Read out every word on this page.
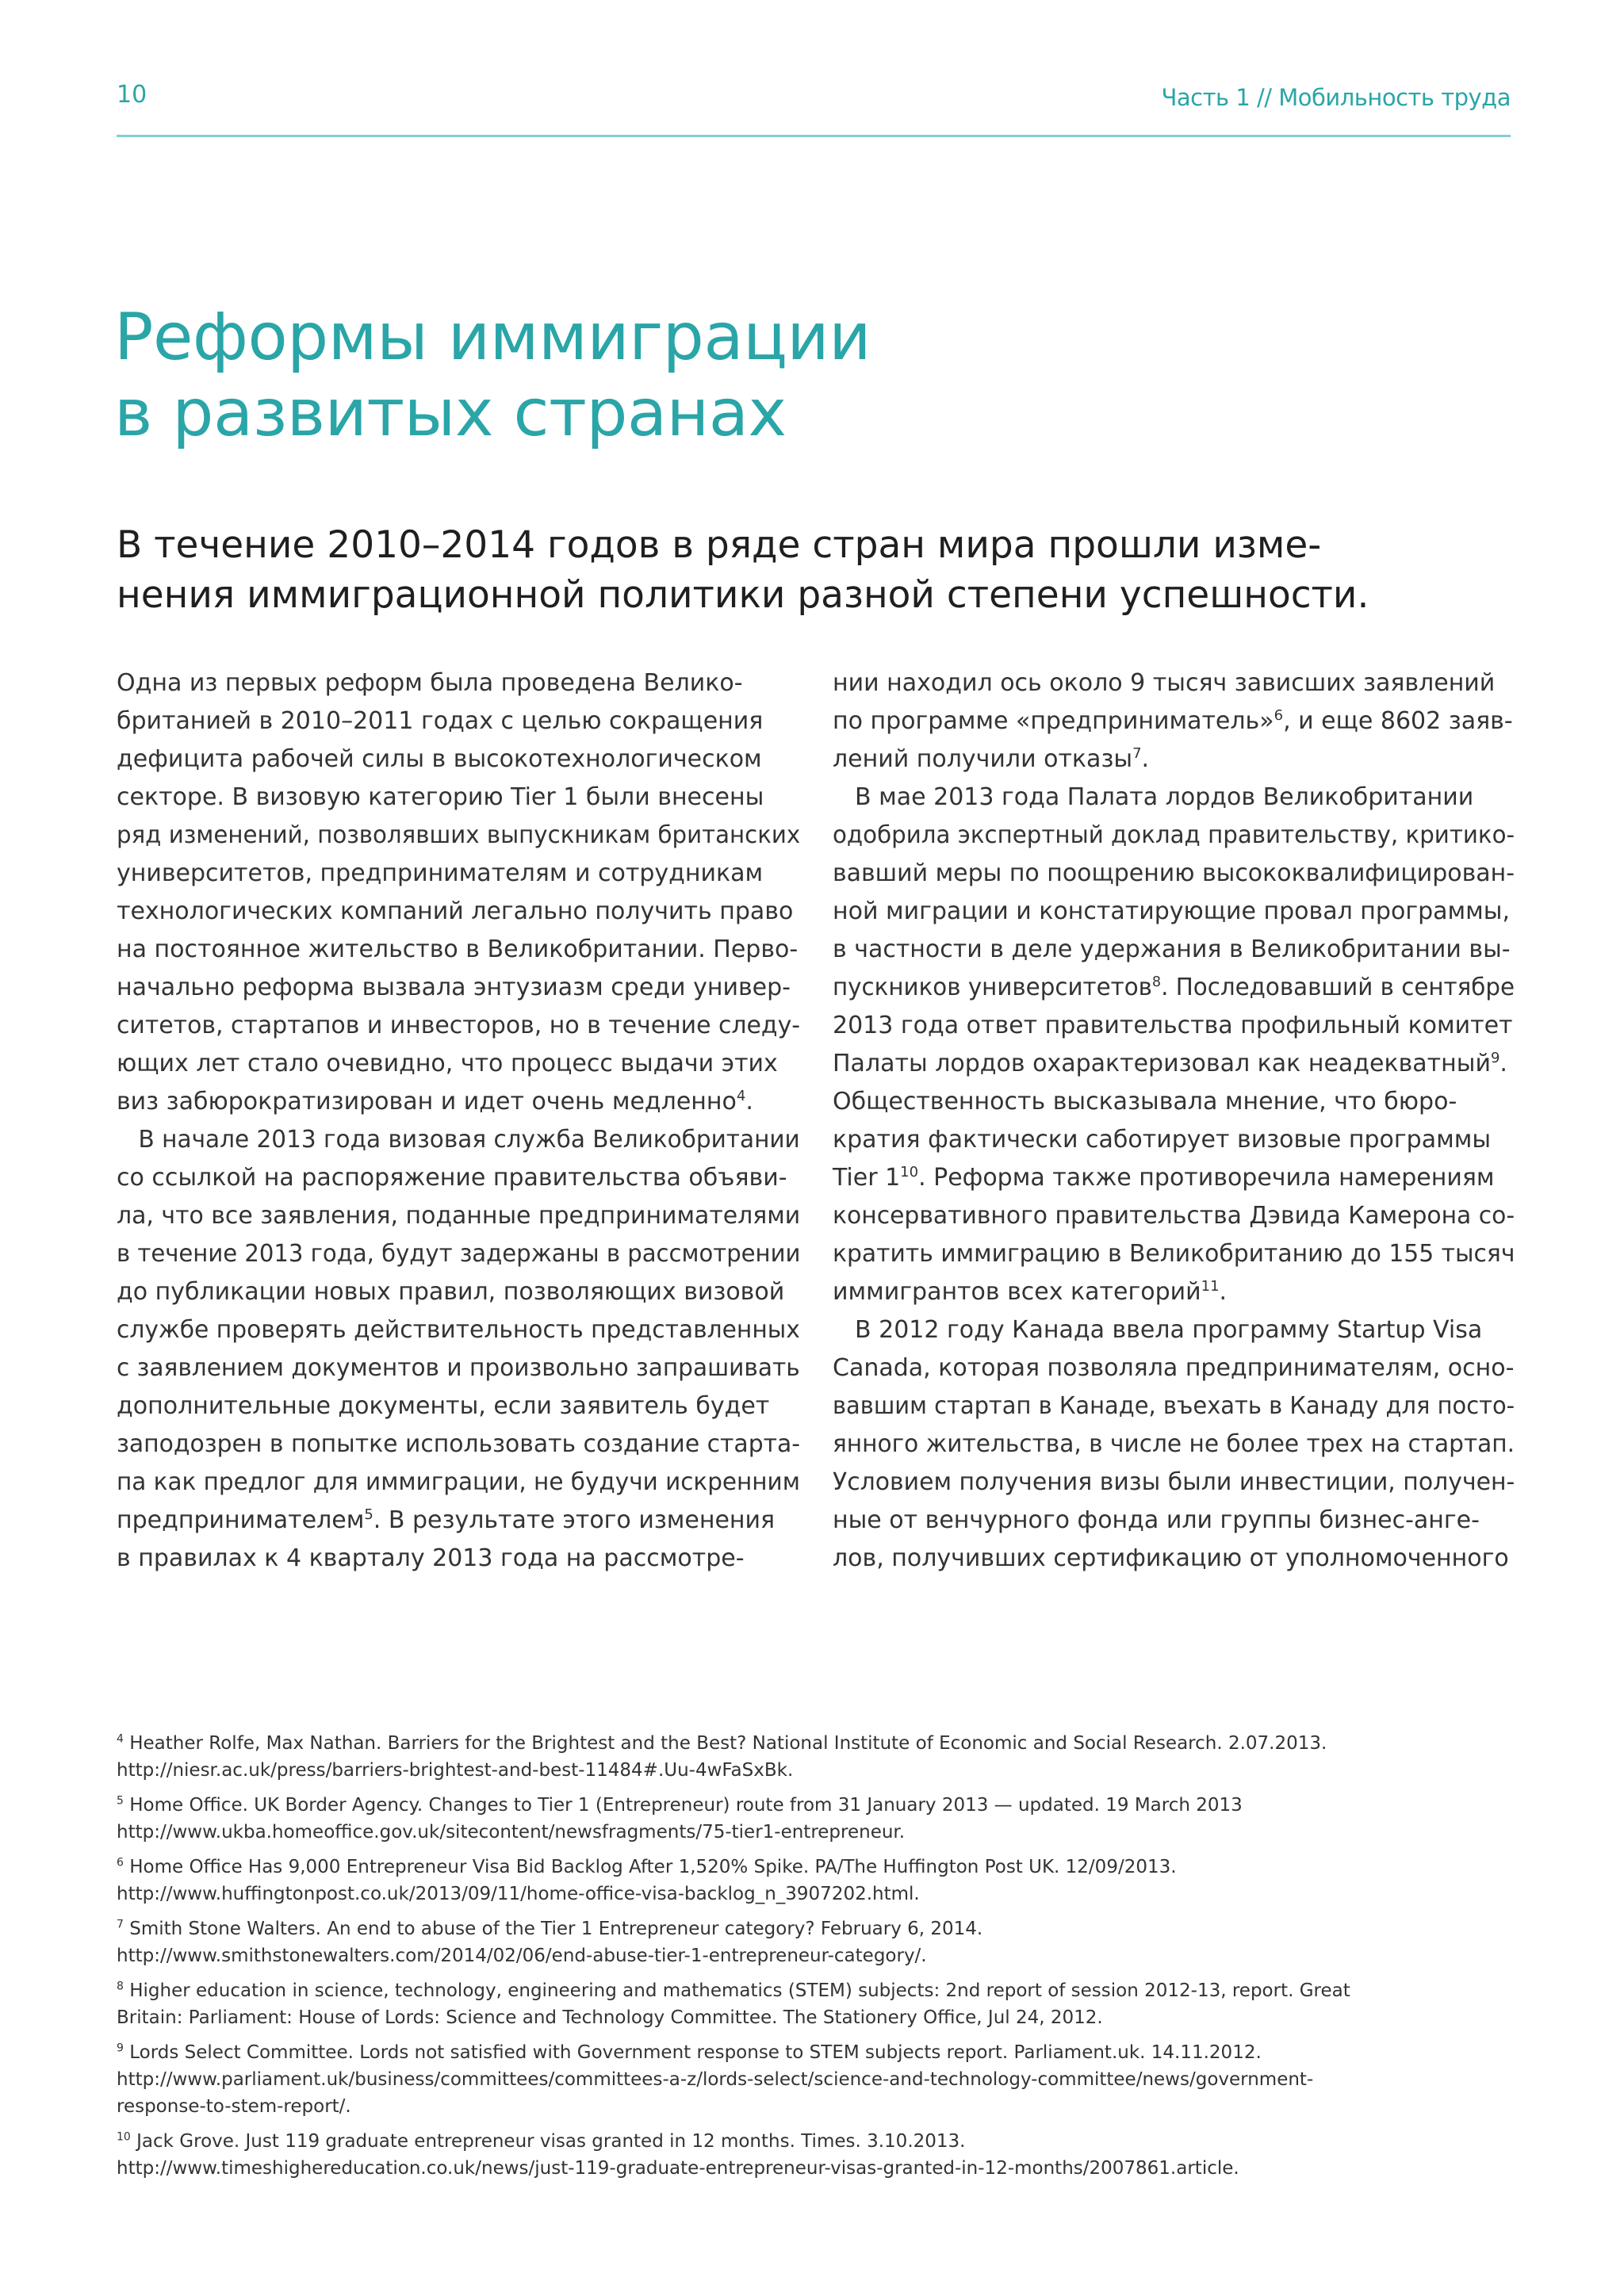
10	Часть 1 // Мобильность труда
Реформы иммиграции
в развитых странах
В течение 2010–2014 годов в ряде стран мира прошли изме-
нения иммиграционной политики разной степени успешности.
Одна из первых реформ была проведена Велико-
британией в 2010–2011 годах с целью сокращения
дефицита рабочей силы в высокотехнологическом
секторе. В визовую категорию Tier 1 были внесены
ряд изменений, позволявших выпускникам британских
университетов, предпринимателям и сотрудникам
технологических компаний легально получить право
на постоянное жительство в Великобритании. Перво-
начально реформа вызвала энтузиазм среди универ-
ситетов, стартапов и инвесторов, но в течение следу-
ющих лет стало очевидно, что процесс выдачи этих
виз забюрократизирован и идет очень медленно$^4$.
В начале 2013 года визовая служба Великобритании
со ссылкой на распоряжение правительства объяви-
ла, что все заявления, поданные предпринимателями
в течение 2013 года, будут задержаны в рассмотрении
до публикации новых правил, позволяющих визовой
службе проверять действительность представленных
с заявлением документов и произвольно запрашивать
дополнительные документы, если заявитель будет
заподозрен в попытке использовать создание старта-
па как предлог для иммиграции, не будучи искренним
предпринимателем$^5$. В результате этого изменения
в правилах к 4 кварталу 2013 года на рассмотре-
нии находил ось около 9 тысяч зависших заявлений
по программе «предприниматель»$^6$, и еще 8602 заяв-
лений получили отказы$^7$.
В мае 2013 года Палата лордов Великобритании
одобрила экспертный доклад правительству, критико-
вавший меры по поощрению высококвалифицирован-
ной миграции и констатирующие провал программы,
в частности в деле удержания в Великобритании вы-
пускников университетов$^8$. Последовавший в сентябре
2013 года ответ правительства профильный комитет
Палаты лордов охарактеризовал как неадекватный$^9$.
Общественность высказывала мнение, что бюро-
кратия фактически саботирует визовые программы
Tier $1^{10}$. Реформа также противоречила намерениям
консервативного правительства Дэвида Камерона со-
кратить иммиграцию в Великобританию до 155 тысяч
иммигрантов всех категорий$^{11}$.
В 2012 году Канада ввела программу Startup Visa
Canada, которая позволяла предпринимателям, осно-
вавшим стартап в Канаде, въехать в Канаду для посто-
янного жительства, в числе не более трех на стартап.
Условием получения визы были инвестиции, получен-
ные от венчурного фонда или группы бизнес-анге-
лов, получивших сертификацию от уполномоченного
$^4$ Heather Rolfe, Max Nathan. Barriers for the Brightest and the Best? National Institute of Economic and Social Research. 2.07.2013.
http://niesr.ac.uk/press/barriers-brightest-and-best-11484#.Uu-4wFaSxBk.
$^5$ Home Office. UK Border Agency. Changes to Tier 1 (Entrepreneur) route from 31 January 2013 — updated. 19 March 2013
http://www.ukba.homeoffice.gov.uk/sitecontent/newsfragments/75-tier1-entrepreneur.
$^6$ Home Office Has 9,000 Entrepreneur Visa Bid Backlog After 1,520% Spike. PA/The Huffington Post UK. 12/09/2013.
http://www.huffingtonpost.co.uk/2013/09/11/home-office-visa-backlog_n_3907202.html.
$^7$ Smith Stone Walters. An end to abuse of the Tier 1 Entrepreneur category? February 6, 2014.
http://www.smithstonewalters.com/2014/02/06/end-abuse-tier-1-entrepreneur-category/.
$^8$ Higher education in science, technology, engineering and mathematics (STEM) subjects: 2nd report of session 2012-13, report. Great
Britain: Parliament: House of Lords: Science and Technology Committee. The Stationery Office, Jul 24, 2012.
$^9$ Lords Select Committee. Lords not satisfied with Government response to STEM subjects report. Parliament.uk. 14.11.2012.
http://www.parliament.uk/business/committees/committees-a-z/lords-select/science-and-technology-committee/news/government-
response-to-stem-report/.
$^{10}$ Jack Grove. Just 119 graduate entrepreneur visas granted in 12 months. Times. 3.10.2013.
http://www.timeshighereducation.co.uk/news/just-119-graduate-entrepreneur-visas-granted-in-12-months/2007861.article.
